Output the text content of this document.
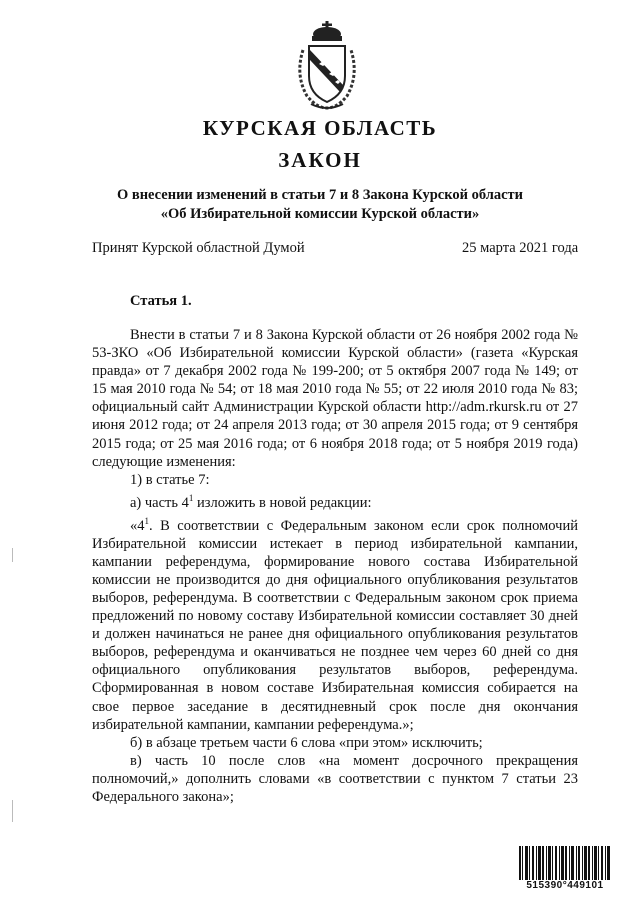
КУРСКАЯ ОБЛАСТЬ
ЗАКОН
О внесении изменений в статьи 7 и 8 Закона Курской области
«Об Избирательной комиссии Курской области»
Принят Курской областной Думой	25 марта 2021 года
Статья 1.

Внести в статьи 7 и 8 Закона Курской области от 26 ноября 2002 года № 53-ЗКО «Об Избирательной комиссии Курской области» (газета «Курская правда» от 7 декабря 2002 года № 199-200; от 5 октября 2007 года № 149; от 15 мая 2010 года № 54; от 18 мая 2010 года № 55; от 22 июля 2010 года № 83; официальный сайт Администрации Курской области http://adm.rkursk.ru от 27 июня 2012 года; от 24 апреля 2013 года; от 30 апреля 2015 года; от 9 сентября 2015 года; от 25 мая 2016 года; от 6 ноября 2018 года; от 5 ноября 2019 года) следующие изменения:

1) в статье 7:

а) часть $4^1$ изложить в новой редакции:

«$4^1$. В соответствии с Федеральным законом если срок полномочий Избирательной комиссии истекает в период избирательной кампании, кампании референдума, формирование нового состава Избирательной комиссии не производится до дня официального опубликования результатов выборов, референдума. В соответствии с Федеральным законом срок приема предложений по новому составу Избирательной комиссии составляет 30 дней и должен начинаться не ранее дня официального опубликования результатов выборов, референдума и оканчиваться не позднее чем через 60 дней со дня официального опубликования результатов выборов, референдума. Сформированная в новом составе Избирательная комиссия собирается на свое первое заседание в десятидневный срок после дня окончания избирательной кампании, кампании референдума.»;

б) в абзаце третьем части 6 слова «при этом» исключить;

в) часть 10 после слов «на момент досрочного прекращения полномочий,» дополнить словами «в соответствии с пунктом 7 статьи 23 Федерального закона»;

515390°449101
